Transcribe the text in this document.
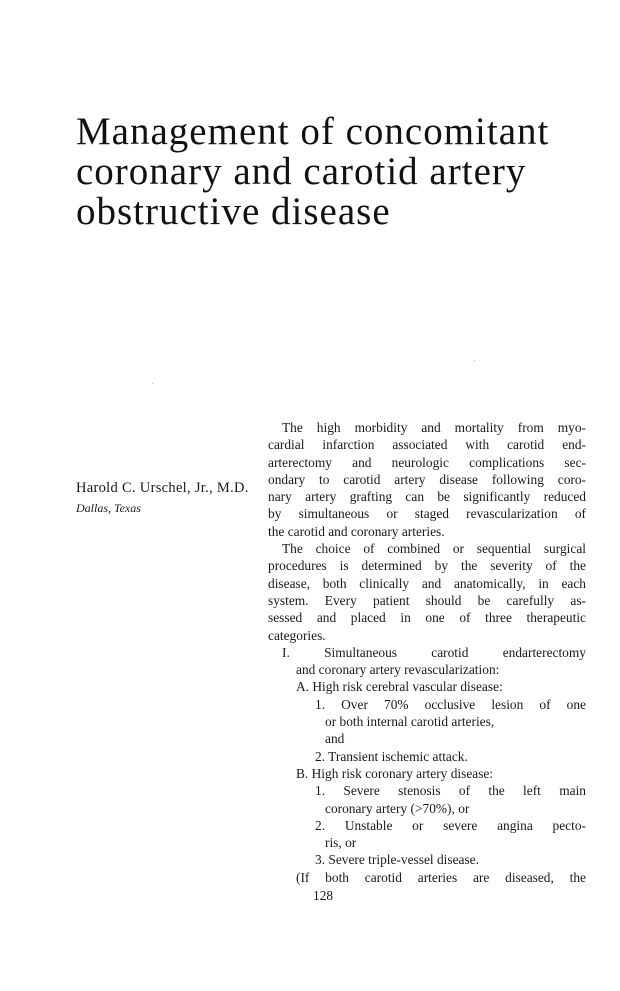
Management of concomitant
coronary and carotid artery
obstructive disease
Harold C. Urschel, Jr., M.D.
Dallas, Texas
The high morbidity and mortality from myo-
cardial infarction associated with carotid end-
arterectomy and neurologic complications sec-
ondary to carotid artery disease following coro-
nary artery grafting can be significantly reduced
by simultaneous or staged revascularization of
the carotid and coronary arteries.
The choice of combined or sequential surgical
procedures is determined by the severity of the
disease, both clinically and anatomically, in each
system. Every patient should be carefully as-
sessed and placed in one of three therapeutic
categories.
I. Simultaneous carotid endarterectomy
and coronary artery revascularization:
A. High risk cerebral vascular disease:
1. Over 70% occlusive lesion of one
or both internal carotid arteries,
and
2. Transient ischemic attack.
B. High risk coronary artery disease:
1. Severe stenosis of the left main
coronary artery (>70%), or
2. Unstable or severe angina pecto-
ris, or
3. Severe triple-vessel disease.
(If both carotid arteries are diseased, the
128
